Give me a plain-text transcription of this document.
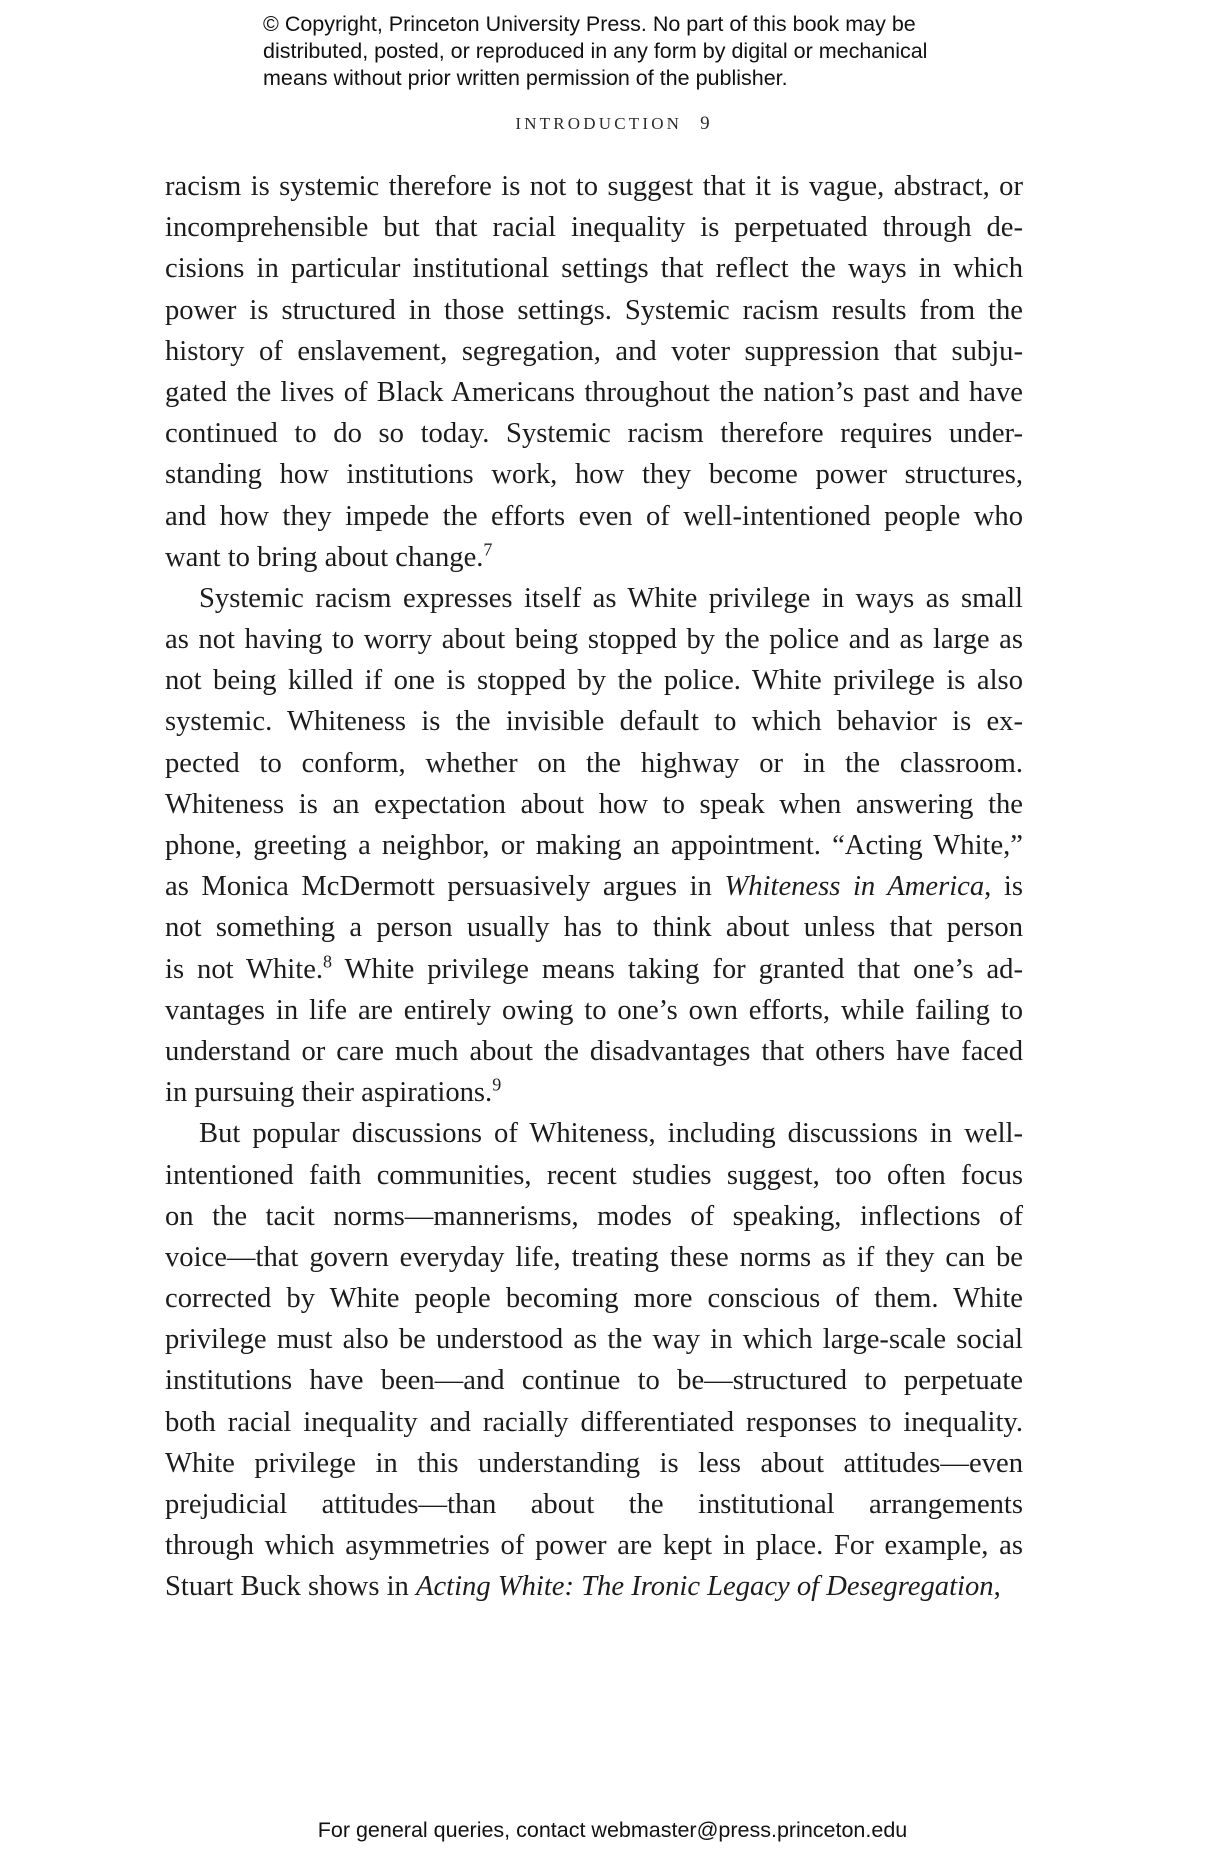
© Copyright, Princeton University Press. No part of this book may be
distributed, posted, or reproduced in any form by digital or mechanical
means without prior written permission of the publisher.
INTRODUCTION 9
racism is systemic therefore is not to suggest that it is vague, abstract, or
incomprehensible but that racial inequality is perpetuated through de-
cisions in particular institutional settings that reflect the ways in which
power is structured in those settings. Systemic racism results from the
history of enslavement, segregation, and voter suppression that subju-
gated the lives of Black Americans throughout the nation’s past and have
continued to do so today. Systemic racism therefore requires under-
standing how institutions work, how they become power structures,
and how they impede the efforts even of well-intentioned people who
want to bring about change.$^7$
Systemic racism expresses itself as White privilege in ways as small
as not having to worry about being stopped by the police and as large as
not being killed if one is stopped by the police. White privilege is also
systemic. Whiteness is the invisible default to which behavior is ex-
pected to conform, whether on the highway or in the classroom.
Whiteness is an expectation about how to speak when answering the
phone, greeting a neighbor, or making an appointment. “Acting White,”
as Monica McDermott persuasively argues in Whiteness in America, is
not something a person usually has to think about unless that person
is not White.$^8$ White privilege means taking for granted that one’s ad-
vantages in life are entirely owing to one’s own efforts, while failing to
understand or care much about the disadvantages that others have faced
in pursuing their aspirations.$^9$
But popular discussions of Whiteness, including discussions in well-
intentioned faith communities, recent studies suggest, too often focus
on the tacit norms—mannerisms, modes of speaking, inflections of
voice—that govern everyday life, treating these norms as if they can be
corrected by White people becoming more conscious of them. White
privilege must also be understood as the way in which large-scale social
institutions have been—and continue to be—structured to perpetuate
both racial inequality and racially differentiated responses to inequality.
White privilege in this understanding is less about attitudes—even
prejudicial attitudes—than about the institutional arrangements
through which asymmetries of power are kept in place. For example, as
Stuart Buck shows in Acting White: The Ironic Legacy of Desegregation,
For general queries, contact webmaster@press.princeton.edu
